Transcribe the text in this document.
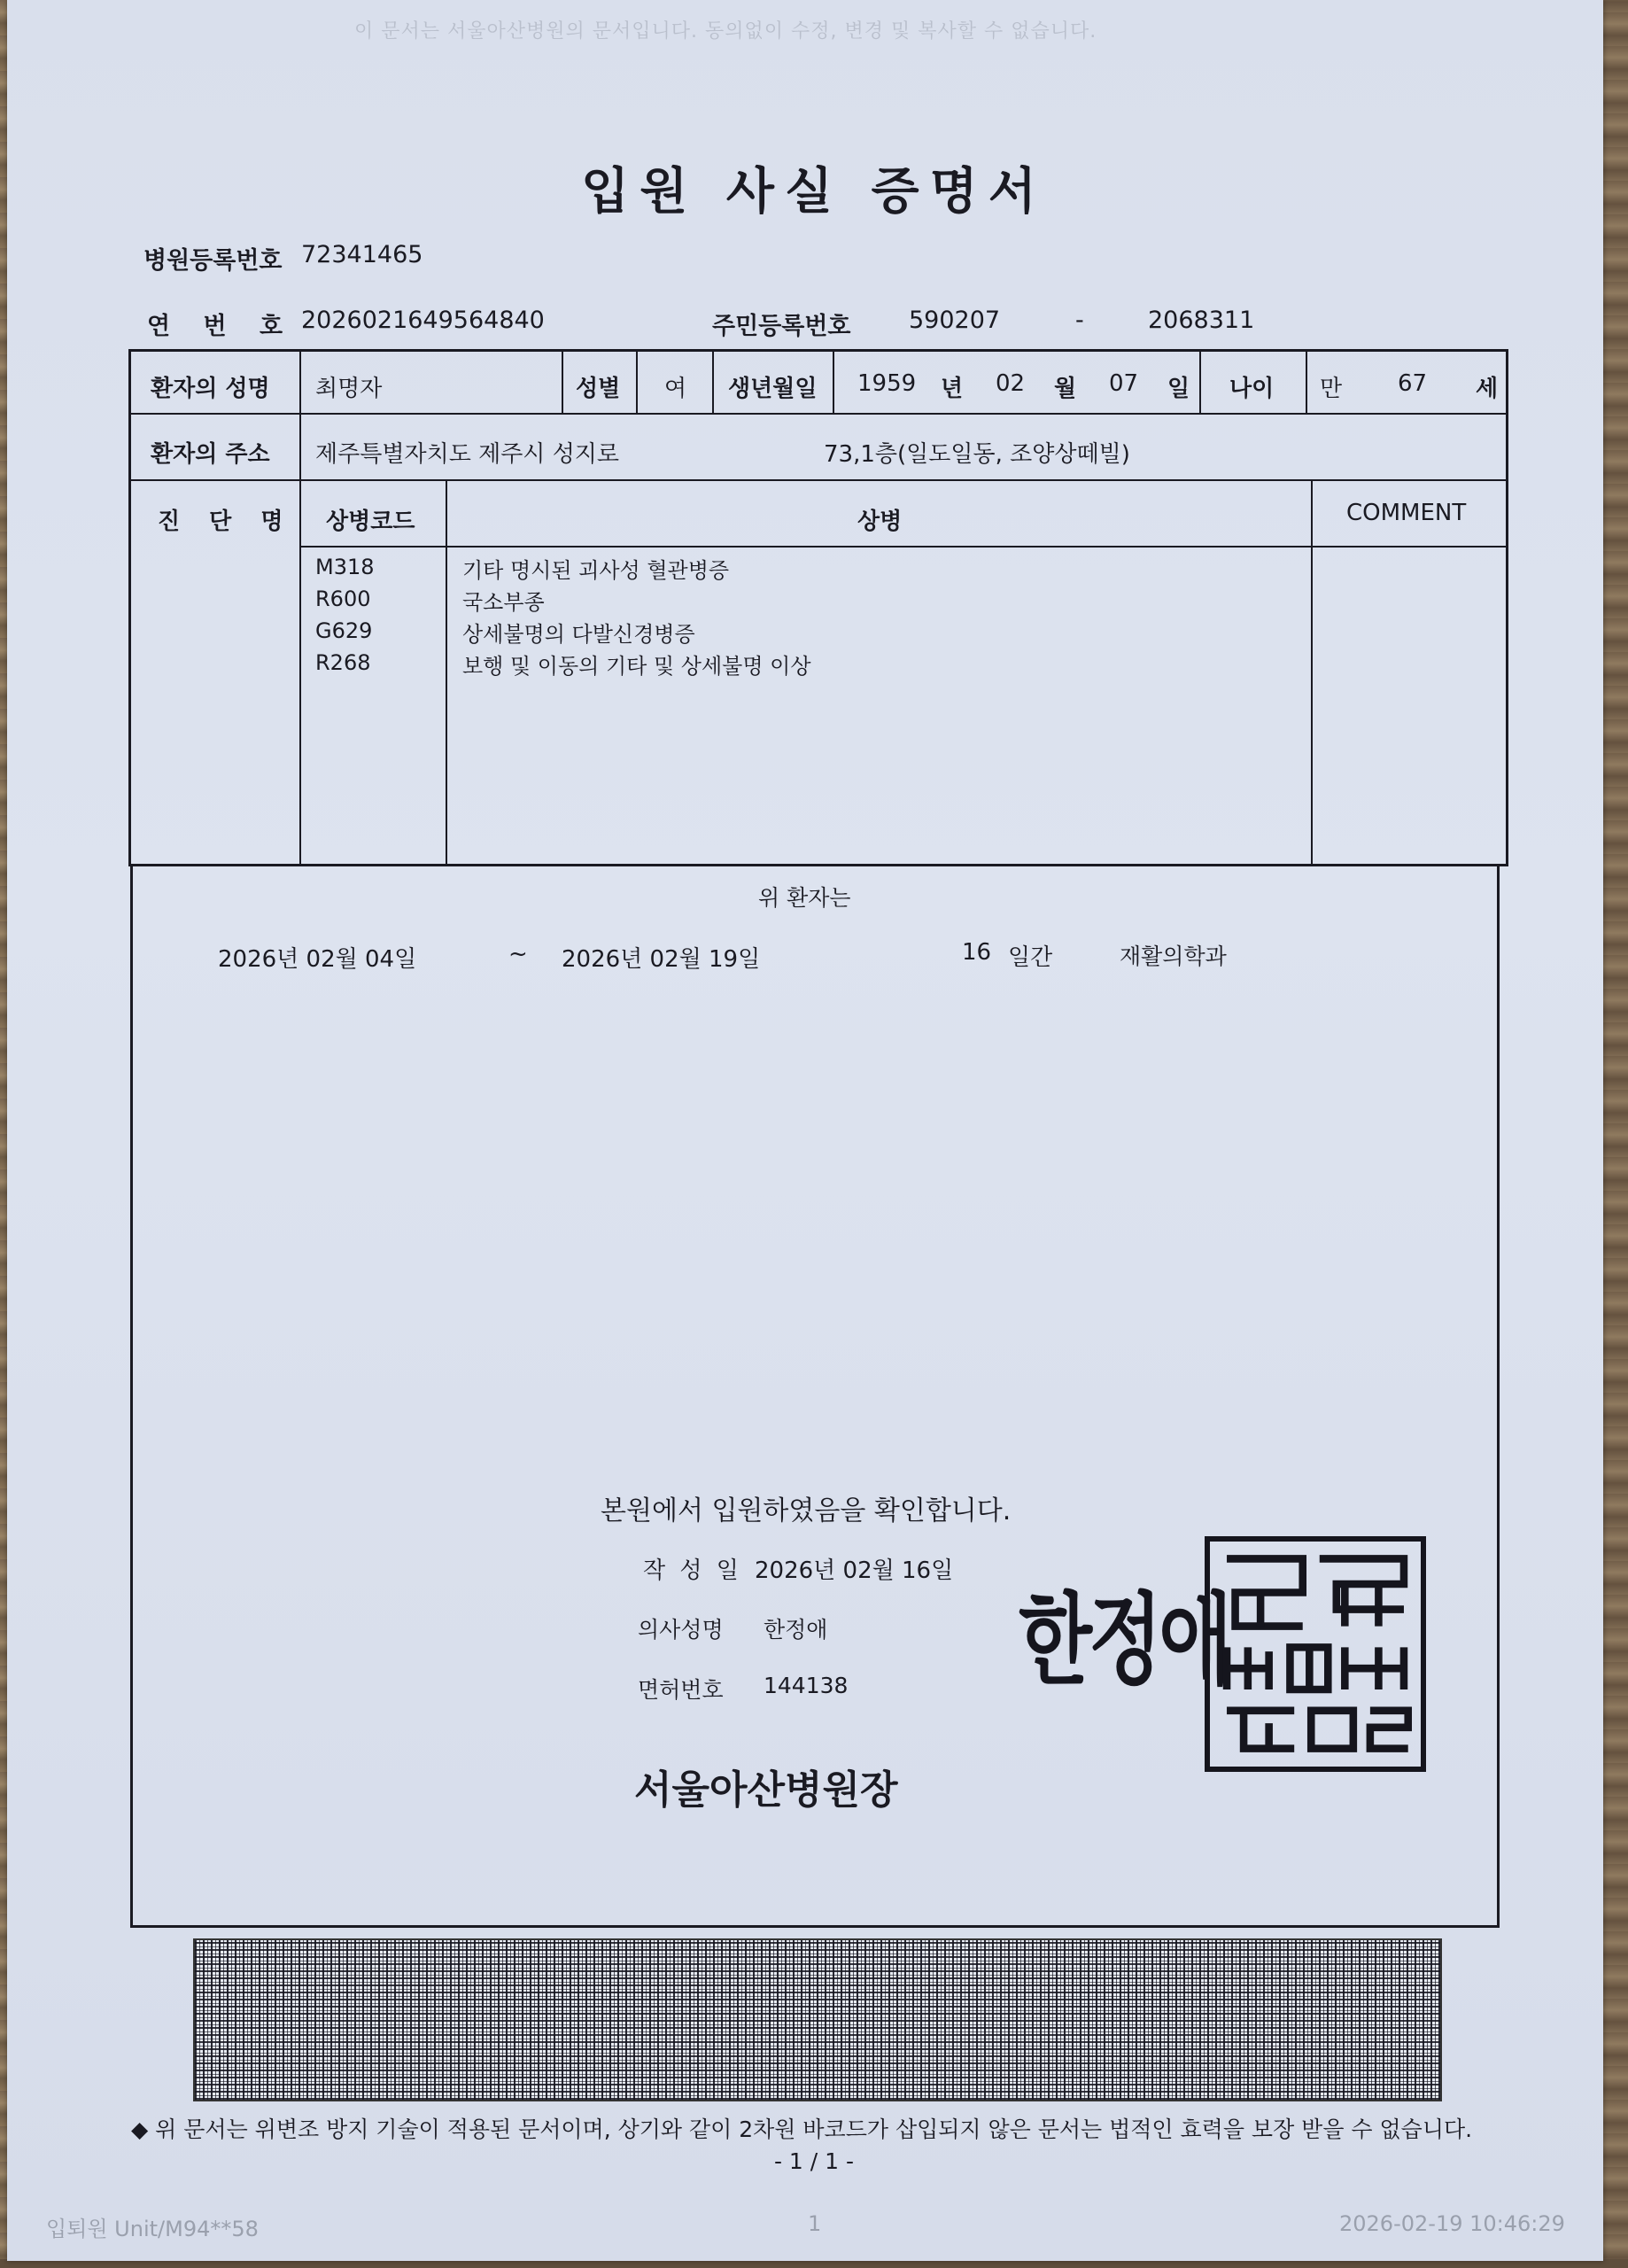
이 문서는 서울아산병원의 문서입니다. 동의없이 수정, 변경 및 복사할 수 없습니다.
입원 사실 증명서
병원등록번호 72341465
연 번 호 2026021649564840	주민등록번호 590207	-	2068311
환자의 성명 최명자	성별 여 생년월일 1959 년 02 월 07 일 나이 만 67 세
환자의 주소 제주특별자치도 제주시 성지로	73,1층(일도일동, 조양상떼빌)
진 단 명 상병코드	상병	COMMENT
M318	기타 명시된 괴사성 혈관병증
R600	국소부종
G629	상세불명의 다발신경병증
R268	보행 및 이동의 기타 및 상세불명 이상
위 환자는
2026년 02월 04일	~ 2026년 02월 19일	16 일간	재활의학과
본원에서 입원하였음을 확인합니다.
작 성 일 2026년 02월 16일
의사성명 한정애
면허번호 144138 한정애
서울아산병원장
◆ 위 문서는 위변조 방지 기술이 적용된 문서이며, 상기와 같이 2차원 바코드가 삽입되지 않은 문서는 법적인 효력을 보장 받을 수 없습니다.
- 1 / 1 -
입퇴원 Unit/M94**58	1	2026-02-19 10:46:29
